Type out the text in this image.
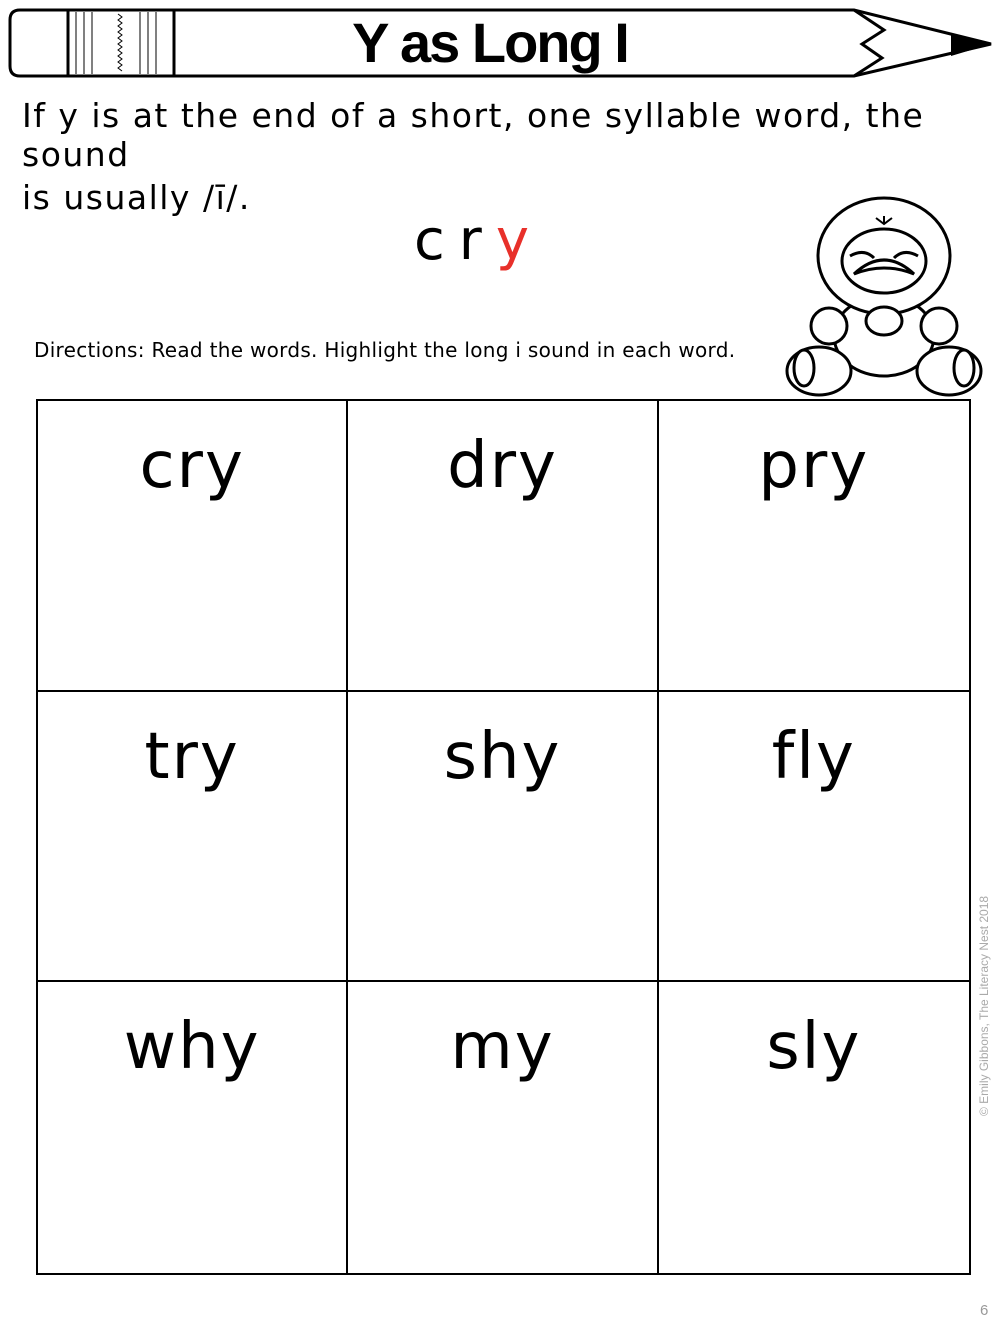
Y as Long I
If y is at the end of a short, one syllable word, the sound
is usually /ī/.
cry
Directions: Read the words. Highlight the long i sound in each word.
cry	dry	pry
try	shy	fly
why	my	sly	© Emily Gibbons, The Literacy Nest 2018
6
